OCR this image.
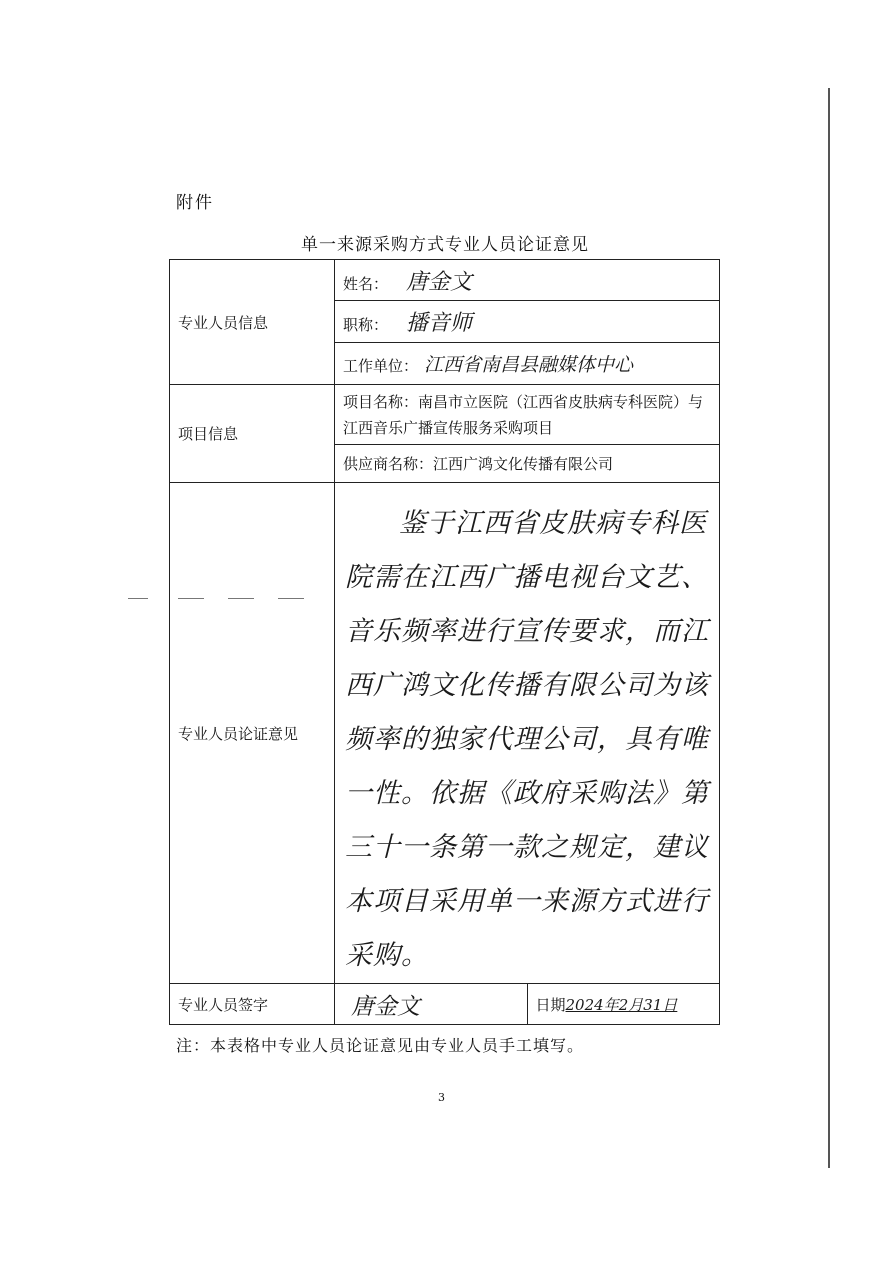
附件
单一来源采购方式专业人员论证意见
专业人员信息	姓名： 唐金文	
	职称： 播音师	
	工作单位： 江西省南昌县融媒体中心	
项目信息	项目名称：南昌市立医院（江西省皮肤病专科医院）与江西音乐广播宣传服务采购项目	
	供应商名称：江西广鸿文化传播有限公司	
专业人员论证意见	鉴于江西省皮肤病专科医院需在江西广播电视台文艺、音乐频率进行宣传要求，而江西广鸿文化传播有限公司为该频率的独家代理公司，具有唯一性。依据《政府采购法》第三十一条第一款之规定，建议本项目采用单一来源方式进行采购。	

专业人员签字	唐金文	日期2024年2月31日
注：本表格中专业人员论证意见由专业人员手工填写。
3
